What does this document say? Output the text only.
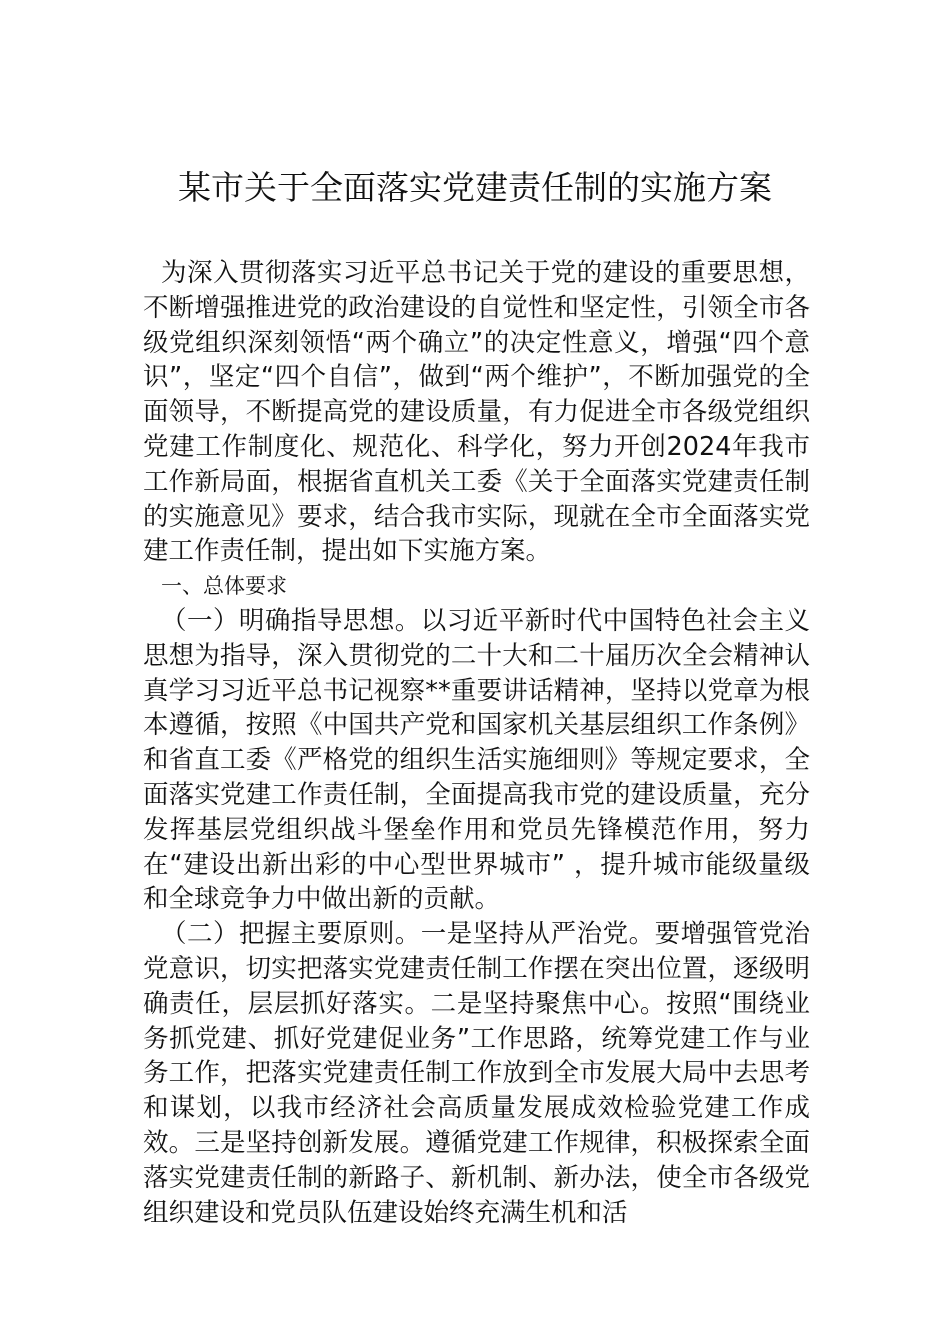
某市关于全面落实党建责任制的实施方案

为深入贯彻落实习近平总书记关于党的建设的重要思想，不断增强推进党的政治建设的自觉性和坚定性，引领全市各级党组织深刻领悟“两个确立”的决定性意义，增强“四个意识”，坚定“四个自信”，做到“两个维护”，不断加强党的全面领导，不断提高党的建设质量，有力促进全市各级党组织党建工作制度化、规范化、科学化，努力开创2024年我市工作新局面，根据省直机关工委《关于全面落实党建责任制的实施意见》要求，结合我市实际，现就在全市全面落实党建工作责任制，提出如下实施方案。

一、总体要求

（一）明确指导思想。以习近平新时代中国特色社会主义思想为指导，深入贯彻党的二十大和二十届历次全会精神认真学习习近平总书记视察**重要讲话精神，坚持以党章为根本遵循，按照《中国共产党和国家机关基层组织工作条例》和省直工委《严格党的组织生活实施细则》等规定要求，全面落实党建工作责任制，全面提高我市党的建设质量，充分发挥基层党组织战斗堡垒作用和党员先锋模范作用，努力在“建设出新出彩的中心型世界城市” ，提升城市能级量级和全球竞争力中做出新的贡献。

（二）把握主要原则。一是坚持从严治党。要增强管党治党意识，切实把落实党建责任制工作摆在突出位置，逐级明确责任，层层抓好落实。二是坚持聚焦中心。按照“围绕业务抓党建、抓好党建促业务”工作思路，统筹党建工作与业务工作，把落实党建责任制工作放到全市发展大局中去思考和谋划，以我市经济社会高质量发展成效检验党建工作成效。三是坚持创新发展。遵循党建工作规律，积极探索全面落实党建责任制的新路子、新机制、新办法，使全市各级党组织建设和党员队伍建设始终充满生机和活
